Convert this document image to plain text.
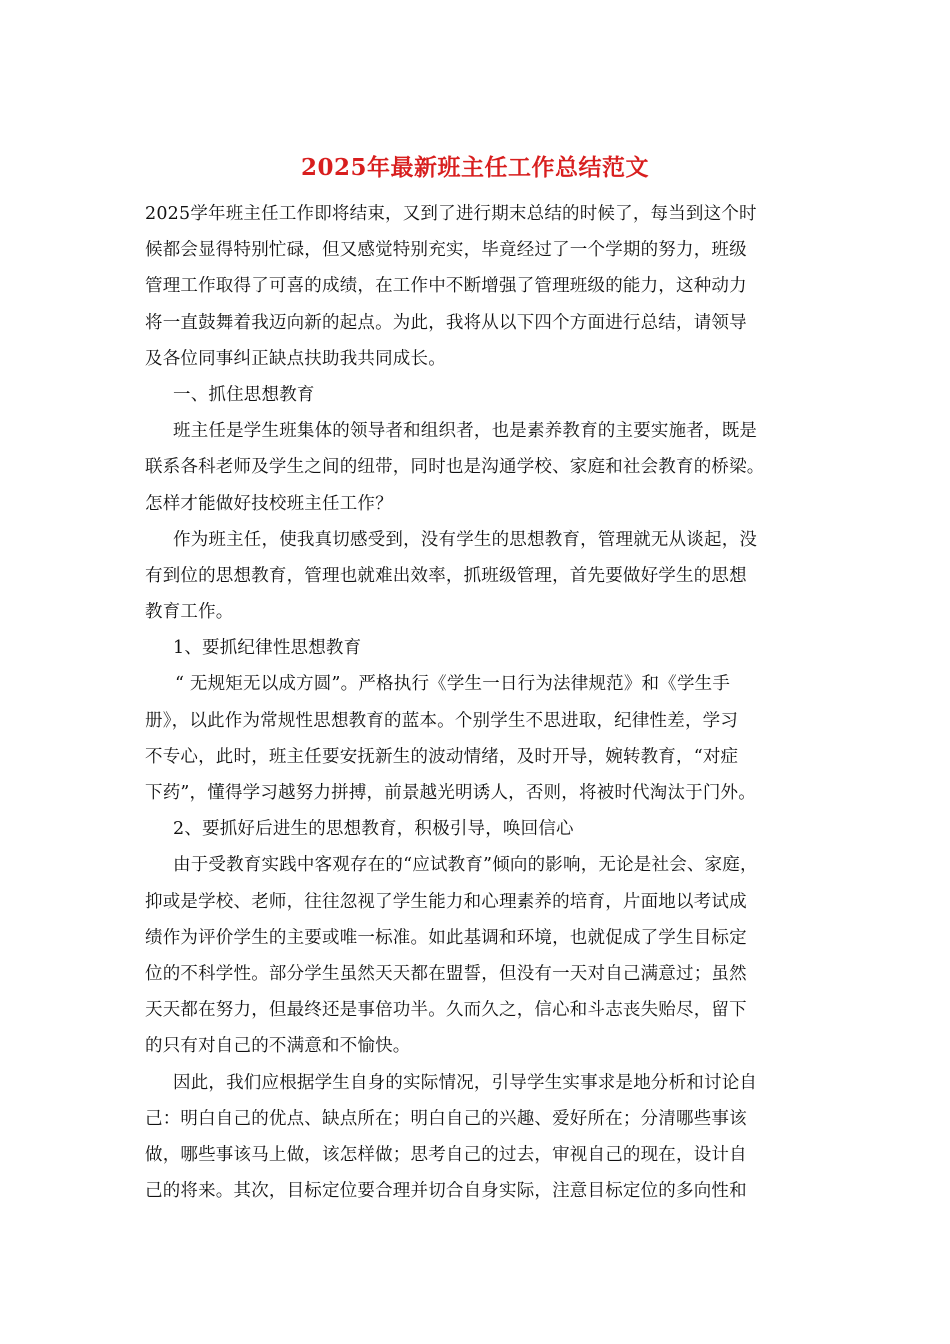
2025年最新班主任工作总结范文
2025学年班主任工作即将结束，又到了进行期末总结的时候了，每当到这个时
候都会显得特别忙碌，但又感觉特别充实，毕竟经过了一个学期的努力，班级
管理工作取得了可喜的成绩，在工作中不断增强了管理班级的能力，这种动力
将一直鼓舞着我迈向新的起点。为此，我将从以下四个方面进行总结，请领导
及各位同事纠正缺点扶助我共同成长。
一、抓住思想教育
班主任是学生班集体的领导者和组织者，也是素养教育的主要实施者，既是
联系各科老师及学生之间的纽带，同时也是沟通学校、家庭和社会教育的桥梁。
怎样才能做好技校班主任工作？
作为班主任，使我真切感受到，没有学生的思想教育，管理就无从谈起，没
有到位的思想教育，管理也就难出效率，抓班级管理，首先要做好学生的思想
教育工作。
1、要抓纪律性思想教育
“ 无规矩无以成方圆”。严格执行《学生一日行为法律规范》和《学生手
册》，以此作为常规性思想教育的蓝本。个别学生不思进取，纪律性差，学习
不专心，此时，班主任要安抚新生的波动情绪，及时开导，婉转教育，“对症
下药”，懂得学习越努力拼搏，前景越光明诱人，否则，将被时代淘汰于门外。
2、要抓好后进生的思想教育，积极引导，唤回信心
由于受教育实践中客观存在的“应试教育”倾向的影响，无论是社会、家庭，
抑或是学校、老师，往往忽视了学生能力和心理素养的培育，片面地以考试成
绩作为评价学生的主要或唯一标准。如此基调和环境，也就促成了学生目标定
位的不科学性。部分学生虽然天天都在盟誓，但没有一天对自己满意过；虽然
天天都在努力，但最终还是事倍功半。久而久之，信心和斗志丧失贻尽，留下
的只有对自己的不满意和不愉快。
因此，我们应根据学生自身的实际情况，引导学生实事求是地分析和讨论自
己：明白自己的优点、缺点所在；明白自己的兴趣、爱好所在；分清哪些事该
做，哪些事该马上做，该怎样做；思考自己的过去，审视自己的现在，设计自
己的将来。其次，目标定位要合理并切合自身实际，注意目标定位的多向性和
